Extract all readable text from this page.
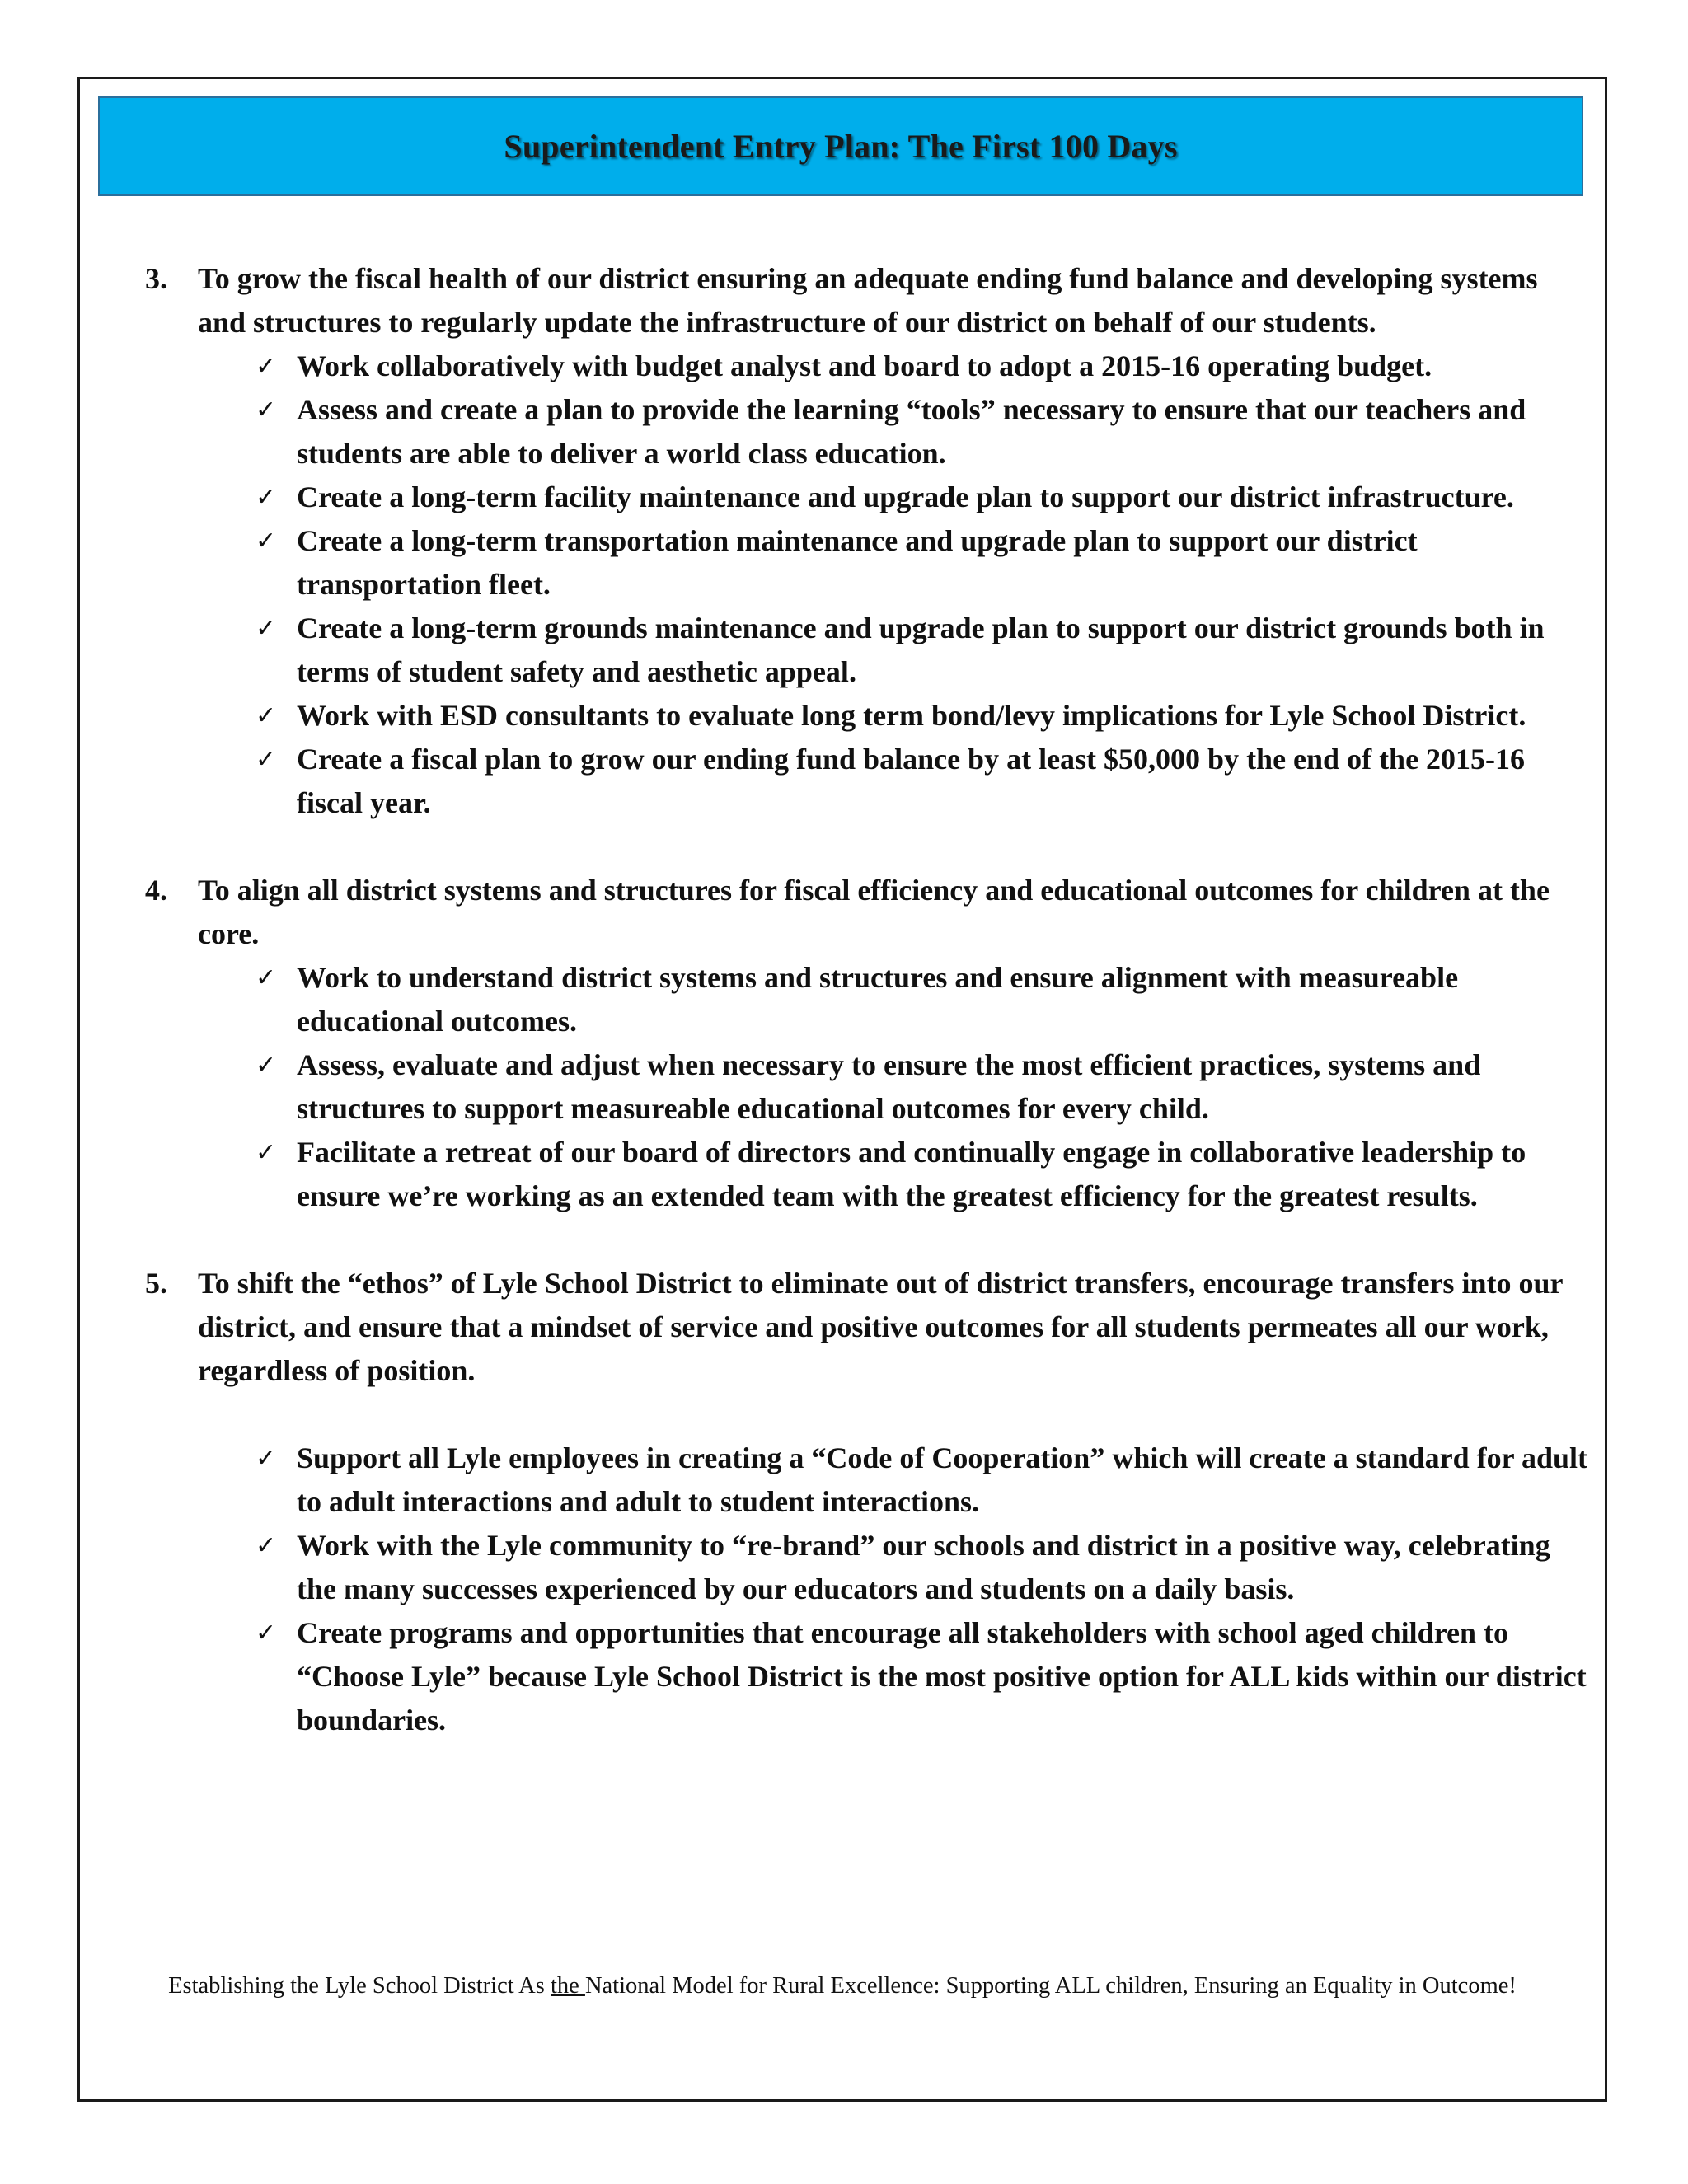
Superintendent Entry Plan: The First 100 Days
3.	To grow the fiscal health of our district ensuring an adequate ending fund balance and developing systems and structures to regularly update the infrastructure of our district on behalf of our students.
✓ Work collaboratively with budget analyst and board to adopt a 2015-16 operating budget.
✓ Assess and create a plan to provide the learning “tools” necessary to ensure that our teachers and students are able to deliver a world class education.
✓ Create a long-term facility maintenance and upgrade plan to support our district infrastructure.
✓ Create a long-term transportation maintenance and upgrade plan to support our district transportation fleet.
✓ Create a long-term grounds maintenance and upgrade plan to support our district grounds both in terms of student safety and aesthetic appeal.
✓ Work with ESD consultants to evaluate long term bond/levy implications for Lyle School District.
✓ Create a fiscal plan to grow our ending fund balance by at least $50,000 by the end of the 2015-16 fiscal year.
4.	To align all district systems and structures for fiscal efficiency and educational outcomes for children at the core.
✓ Work to understand district systems and structures and ensure alignment with measureable educational outcomes.
✓ Assess, evaluate and adjust when necessary to ensure the most efficient practices, systems and structures to support measureable educational outcomes for every child.
✓ Facilitate a retreat of our board of directors and continually engage in collaborative leadership to ensure we’re working as an extended team with the greatest efficiency for the greatest results.
5.	To shift the “ethos” of Lyle School District to eliminate out of district transfers, encourage transfers into our district, and ensure that a mindset of service and positive outcomes for all students permeates all our work, regardless of position.
✓ Support all Lyle employees in creating a “Code of Cooperation” which will create a standard for adult to adult interactions and adult to student interactions.
✓ Work with the Lyle community to “re-brand” our schools and district in a positive way, celebrating the many successes experienced by our educators and students on a daily basis.
✓ Create programs and opportunities that encourage all stakeholders with school aged children to “Choose Lyle” because Lyle School District is the most positive option for ALL kids within our district boundaries.
Establishing the Lyle School District As the National Model for Rural Excellence: Supporting ALL children, Ensuring an Equality in Outcome!
